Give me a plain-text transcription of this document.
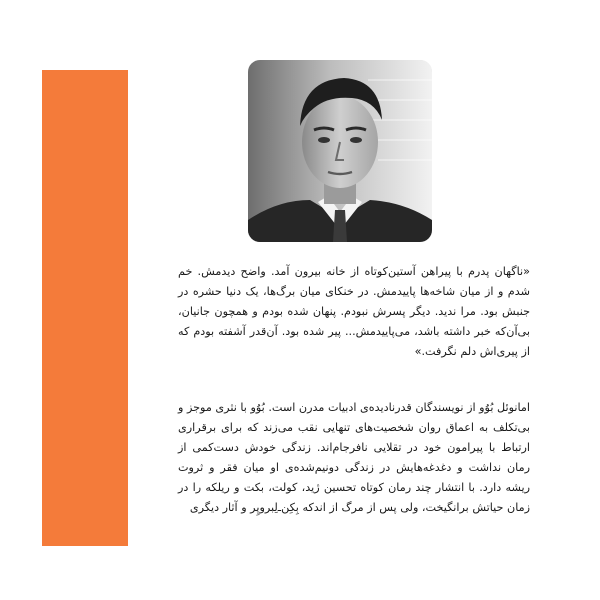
«ناگهان پدرم با پیراهن آستین‌کوتاه از خانه بیرون آمد. واضح دیدمش. خم شدم و از میان شاخه‌ها پاییدمش. در خنکای میان برگ‌ها، یک دنیا حشره در جنبش بود. مرا ندید. دیگر پسرش نبودم. پنهان شده بودم و همچون جانیان، بی‌آن‌که خبر داشته باشد، می‌پاییدمش... پیر شده بود. آن‌قدر آشفته بودم که از پیری‌اش دلم نگرفت.»

امانوئل بُوُو از نویسندگان قدرنادیده‌ی ادبیات مدرن است. بُوُو با نثری موجز و بی‌تکلف به اعماق روان شخصیت‌های تنهایی نقب می‌زند که برای برقراری ارتباط با پیرامون خود در تقلایی نافرجام‌اند. زندگی خودش دست‌کمی از رمان نداشت و دغدغه‌هایش در زندگی دونیم‌شده‌ی او میان فقر و ثروت ریشه دارد. با انتشار چند رمان کوتاه تحسین ژید، کولت، بکت و ریلکه را در زمان حیاتش برانگیخت، ولی پس از مرگ از اندکه بِکِن‌ـ‌لِبروپِر و آثار دیگری
